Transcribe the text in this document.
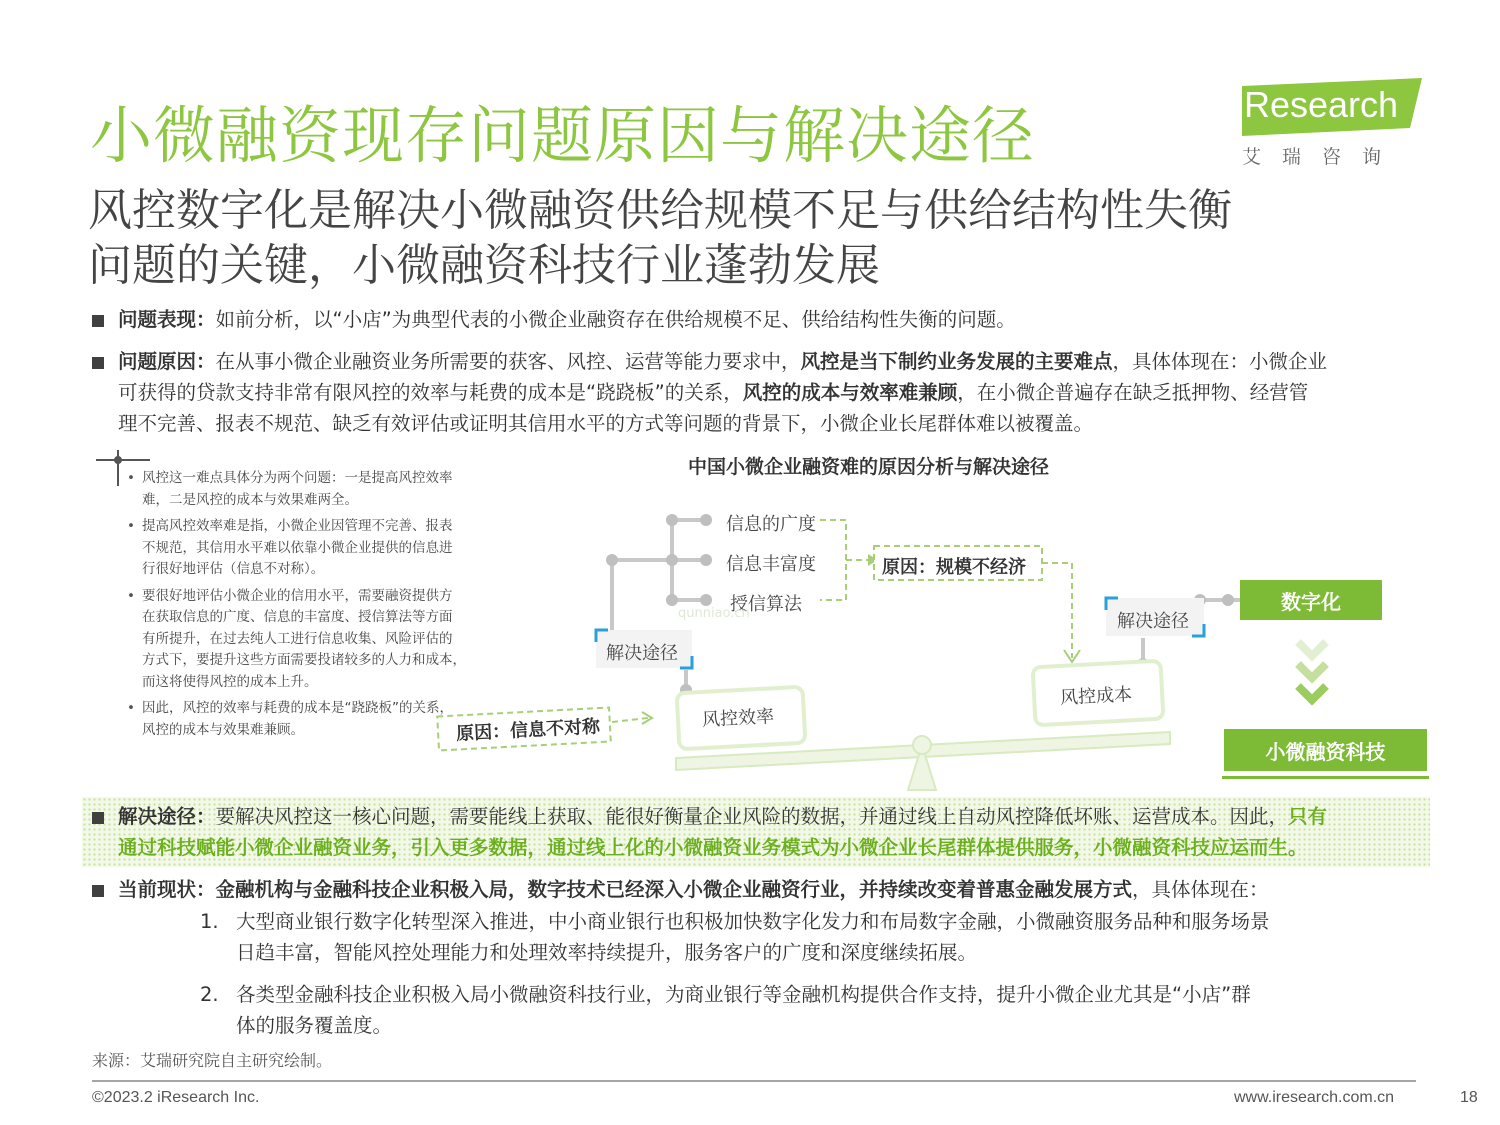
小微融资现存问题原因与解决途径	iResearch
艾瑞咨询
风控数字化是解决小微融资供给规模不足与供给结构性失衡
问题的关键，小微融资科技行业蓬勃发展
问题表现：如前分析，以“小店”为典型代表的小微企业融资存在供给规模不足、供给结构性失衡的问题。
问题原因：在从事小微企业融资业务所需要的获客、风控、运营等能力要求中，风控是当下制约业务发展的主要难点，具体体现在：小微企业
可获得的贷款支持非常有限风控的效率与耗费的成本是“跷跷板”的关系，风控的成本与效率难兼顾，在小微企普遍存在缺乏抵押物、经营管
理不完善、报表不规范、缺乏有效评估或证明其信用水平的方式等问题的背景下，小微企业长尾群体难以被覆盖。
中国小微企业融资难的原因分析与解决途径
• 风控这一难点具体分为两个问题：一是提高风控效率
难，二是风控的成本与效果难两全。
• 提高风控效率难是指，小微企业因管理不完善、报表
不规范，其信用水平难以依靠小微企业提供的信息进
行很好地评估（信息不对称）。
• 要很好地评估小微企业的信用水平，需要融资提供方
在获取信息的广度、信息的丰富度、授信算法等方面
有所提升，在过去纯人工进行信息收集、风险评估的
方式下，要提升这些方面需要投诸较多的人力和成本，
而这将使得风控的成本上升。
• 因此，风控的效率与耗费的成本是“跷跷板”的关系，
风控的成本与效果难兼顾。
信息的广度
信息丰富度
授信算法
qunniao.cn
原因：规模不经济
解决途径
解决途径
风控效率
风控成本
原因：信息不对称
数字化
小微融资科技
解决途径：要解决风控这一核心问题，需要能线上获取、能很好衡量企业风险的数据，并通过线上自动风控降低坏账、运营成本。因此，只有
通过科技赋能小微企业融资业务，引入更多数据，通过线上化的小微融资业务模式为小微企业长尾群体提供服务，小微融资科技应运而生。
当前现状：金融机构与金融科技企业积极入局，数字技术已经深入小微企业融资行业，并持续改变着普惠金融发展方式，具体体现在：
1. 大型商业银行数字化转型深入推进，中小商业银行也积极加快数字化发力和布局数字金融，小微融资服务品种和服务场景
日趋丰富，智能风控处理能力和处理效率持续提升，服务客户的广度和深度继续拓展。
2. 各类型金融科技企业积极入局小微融资科技行业，为商业银行等金融机构提供合作支持，提升小微企业尤其是“小店”群
体的服务覆盖度。
来源：艾瑞研究院自主研究绘制。
©2023.2 iResearch Inc.	www.iresearch.com.cn	18
